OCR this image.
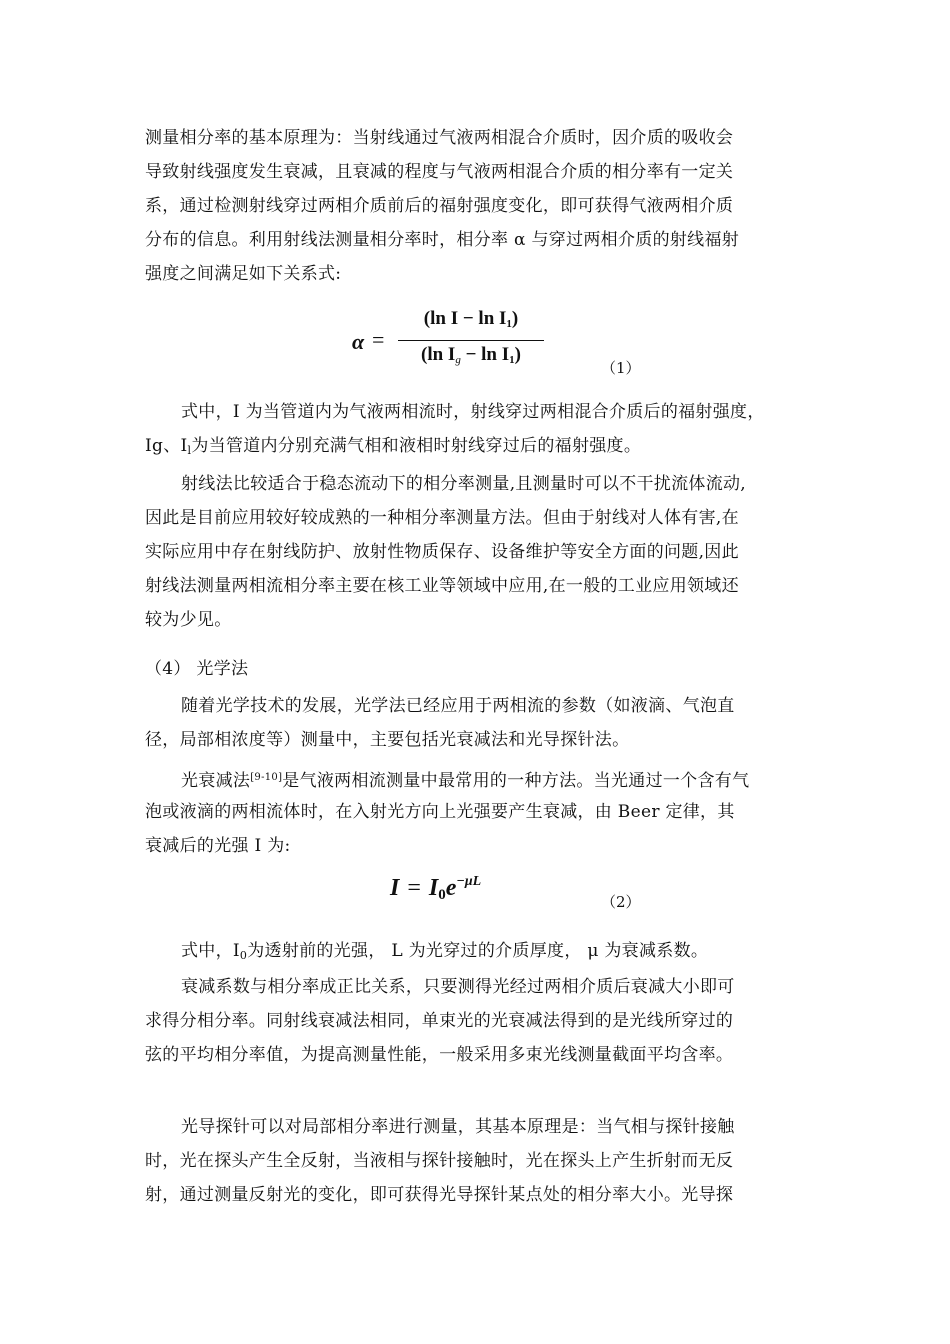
测量相分率的基本原理为：当射线通过气液两相混合介质时，因介质的吸收会
导致射线强度发生衰减，且衰减的程度与气液两相混合介质的相分率有一定关
系，通过检测射线穿过两相介质前后的福射强度变化，即可获得气液两相介质
分布的信息。利用射线法测量相分率时，相分率 α 与穿过两相介质的射线福射
强度之间满足如下关系式:
α =
(ln $I - \ln I_1$)
(ln $I_g - \ln I_1$)
（1）
式中，I 为当管道内为气液两相流时，射线穿过两相混合介质后的福射强度，
Ig、$I_l$为当管道内分别充满气相和液相时射线穿过后的福射强度。
射线法比较适合于稳态流动下的相分率测量,且测量时可以不干扰流体流动,
因此是目前应用较好较成熟的一种相分率测量方法。但由于射线对人体有害,在
实际应用中存在射线防护、放射性物质保存、设备维护等安全方面的问题,因此
射线法测量两相流相分率主要在核工业等领域中应用,在一般的工业应用领域还
较为少见。
（4） 光学法
随着光学技术的发展，光学法已经应用于两相流的参数（如液滴、气泡直
径，局部相浓度等）测量中，主要包括光衰减法和光导探针法。
光衰减法[9-10]是气液两相流测量中最常用的一种方法。当光通过一个含有气
泡或液滴的两相流体时，在入射光方向上光强要产生衰减，由 Beer 定律，其
衰减后的光强 I 为:
$I = I_0e^{-\mu L}$
（2）
式中，$I_0$为透射前的光强， L 为光穿过的介质厚度， μ 为衰减系数。
衰减系数与相分率成正比关系，只要测得光经过两相介质后衰减大小即可
求得分相分率。同射线衰减法相同，单束光的光衰减法得到的是光线所穿过的
弦的平均相分率值，为提高测量性能，一般采用多束光线测量截面平均含率。
光导探针可以对局部相分率进行测量，其基本原理是：当气相与探针接触
时，光在探头产生全反射，当液相与探针接触时，光在探头上产生折射而无反
射，通过测量反射光的变化，即可获得光导探针某点处的相分率大小。光导探
